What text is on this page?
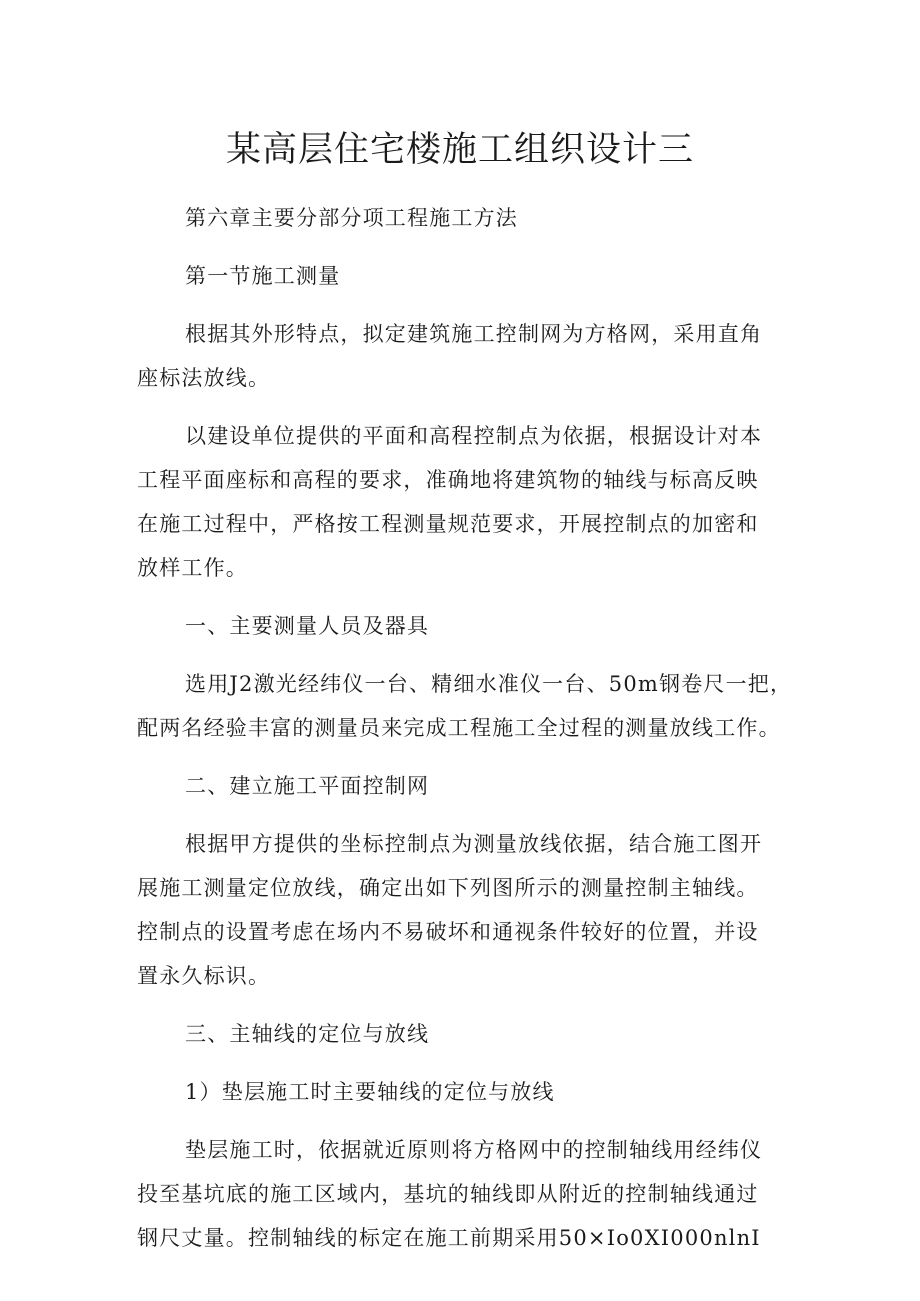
某高层住宅楼施工组织设计三
第六章主要分部分项工程施工方法
第一节施工测量
根据其外形特点，拟定建筑施工控制网为方格网，采用直角
座标法放线。
以建设单位提供的平面和高程控制点为依据，根据设计对本
工程平面座标和高程的要求，准确地将建筑物的轴线与标高反映
在施工过程中，严格按工程测量规范要求，开展控制点的加密和
放样工作。
一、主要测量人员及器具
选用J2激光经纬仪一台、精细水准仪一台、50m钢卷尺一把，
配两名经验丰富的测量员来完成工程施工全过程的测量放线工作。
二、建立施工平面控制网
根据甲方提供的坐标控制点为测量放线依据，结合施工图开
展施工测量定位放线，确定出如下列图所示的测量控制主轴线。
控制点的设置考虑在场内不易破坏和通视条件较好的位置，并设
置永久标识。
三、主轴线的定位与放线
1）垫层施工时主要轴线的定位与放线
垫层施工时，依据就近原则将方格网中的控制轴线用经纬仪
投至基坑底的施工区域内，基坑的轴线即从附近的控制轴线通过
钢尺丈量。控制轴线的标定在施工前期采用50×Io0XI000nlnI
